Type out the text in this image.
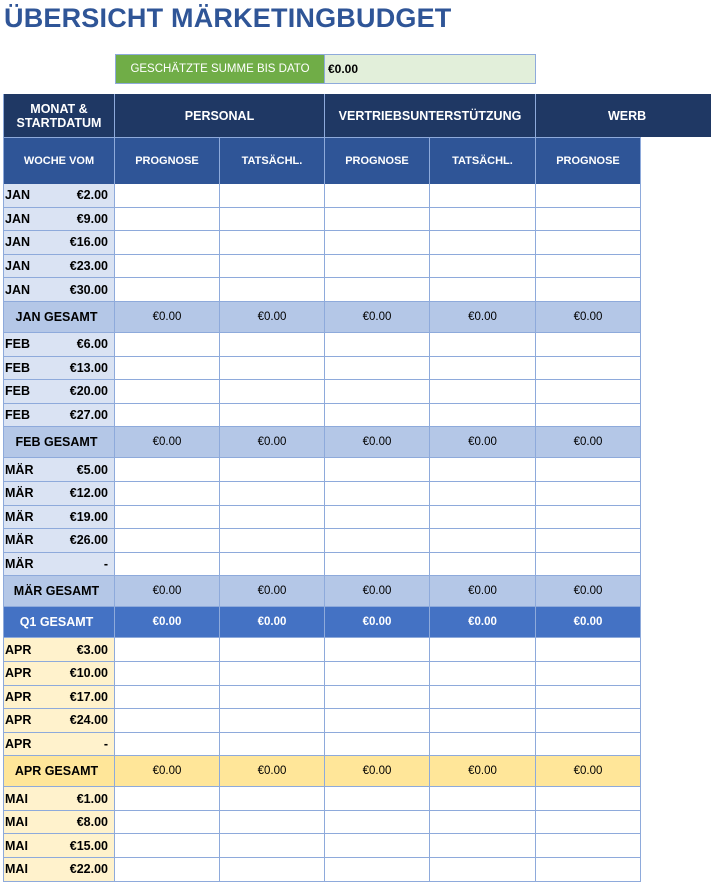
ÜBERSICHT MÄRKETINGBUDGET
GESCHÄTZTE SUMME BIS DATO	€0.00
MONAT &
STARTDATUM	PERSONAL	VERTRIEBSUNTERSTÜTZUNG	WERB
WOCHE VOM	PROGNOSE	TATSÄCHL.	PROGNOSE	TATSÄCHL.	PROGNOSE
JAN	€2.00
JAN	€9.00
JAN	€16.00
JAN	€23.00
JAN	€30.00
JAN GESAMT	€0.00	€0.00	€0.00	€0.00	€0.00
FEB	€6.00
FEB	€13.00
FEB	€20.00
FEB	€27.00
FEB GESAMT	€0.00	€0.00	€0.00	€0.00	€0.00
MÄR	€5.00
MÄR	€12.00
MÄR	€19.00
MÄR	€26.00
MÄR	-
MÄR GESAMT	€0.00	€0.00	€0.00	€0.00	€0.00
Q1 GESAMT	€0.00	€0.00	€0.00	€0.00	€0.00
APR	€3.00
APR	€10.00
APR	€17.00
APR	€24.00
APR	-
APR GESAMT	€0.00	€0.00	€0.00	€0.00	€0.00
MAI	€1.00
MAI	€8.00
MAI	€15.00
MAI	€22.00
